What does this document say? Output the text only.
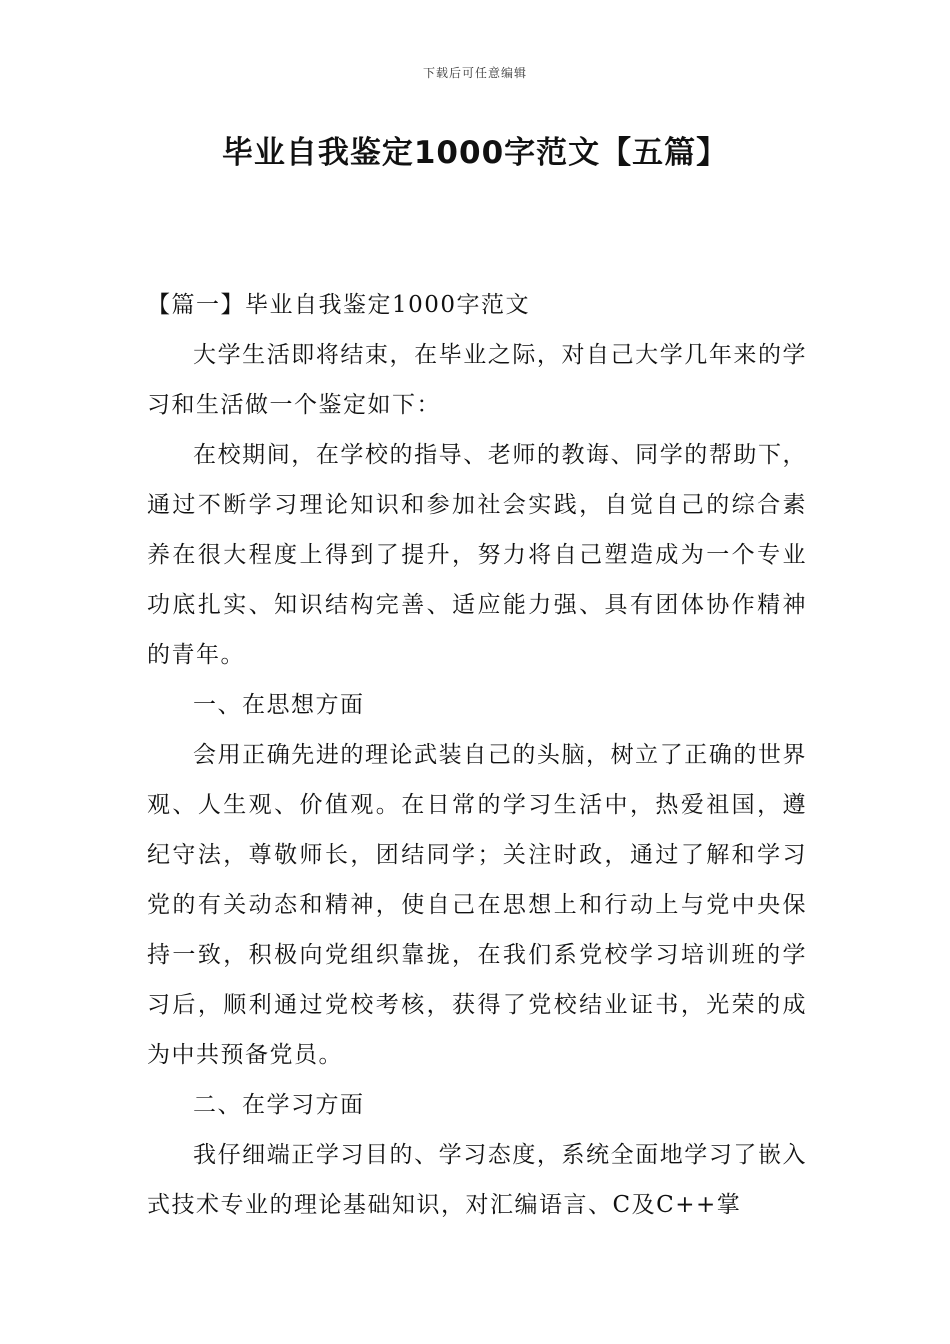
下载后可任意编辑
毕业自我鉴定1000字范文【五篇】

【篇一】毕业自我鉴定1000字范文

大学生活即将结束，在毕业之际，对自己大学几年来的学习和生活做一个鉴定如下：

在校期间，在学校的指导、老师的教诲、同学的帮助下，通过不断学习理论知识和参加社会实践，自觉自己的综合素养在很大程度上得到了提升，努力将自己塑造成为一个专业功底扎实、知识结构完善、适应能力强、具有团体协作精神的青年。

一、在思想方面

会用正确先进的理论武装自己的头脑，树立了正确的世界观、人生观、价值观。在日常的学习生活中，热爱祖国，遵纪守法，尊敬师长，团结同学；关注时政，通过了解和学习党的有关动态和精神，使自己在思想上和行动上与党中央保持一致，积极向党组织靠拢，在我们系党校学习培训班的学习后，顺利通过党校考核，获得了党校结业证书，光荣的成为中共预备党员。

二、在学习方面

我仔细端正学习目的、学习态度，系统全面地学习了嵌入式技术专业的理论基础知识，对汇编语言、C及C++掌
